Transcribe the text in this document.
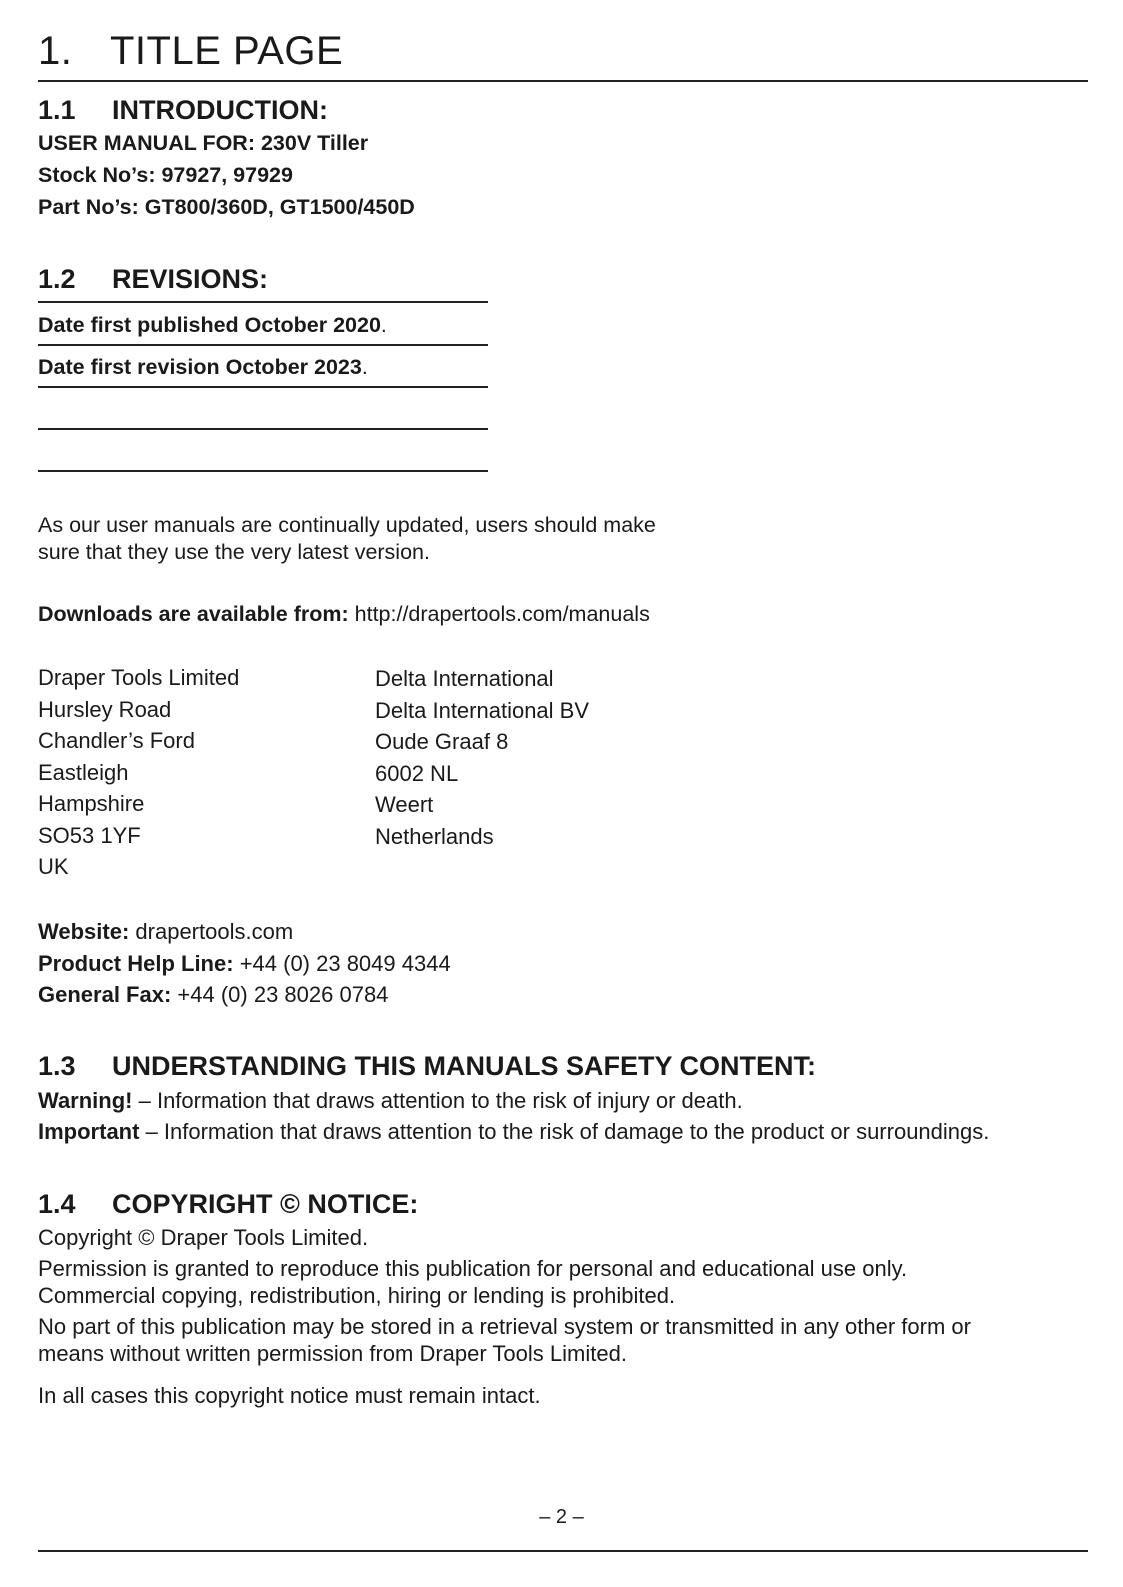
1. TITLE PAGE
1.1 INTRODUCTION:
USER MANUAL FOR: 230V Tiller
Stock No’s: 97927, 97929
Part No’s: GT800/360D, GT1500/450D
1.2 REVISIONS:
Date first published October 2020.
Date first revision October 2023.
As our user manuals are continually updated, users should make
sure that they use the very latest version.
Downloads are available from: http://drapertools.com/manuals
Draper Tools Limited
Hursley Road
Chandler’s Ford
Eastleigh
Hampshire
SO53 1YF
UK
Delta International
Delta International BV
Oude Graaf 8
6002 NL
Weert
Netherlands
Website: drapertools.com
Product Help Line: +44 (0) 23 8049 4344
General Fax: +44 (0) 23 8026 0784
1.3 UNDERSTANDING THIS MANUALS SAFETY CONTENT:
Warning! – Information that draws attention to the risk of injury or death.
Important – Information that draws attention to the risk of damage to the product or surroundings.
1.4 COPYRIGHT © NOTICE:
Copyright © Draper Tools Limited.
Permission is granted to reproduce this publication for personal and educational use only.
Commercial copying, redistribution, hiring or lending is prohibited.
No part of this publication may be stored in a retrieval system or transmitted in any other form or
means without written permission from Draper Tools Limited.
In all cases this copyright notice must remain intact.
– 2 –
